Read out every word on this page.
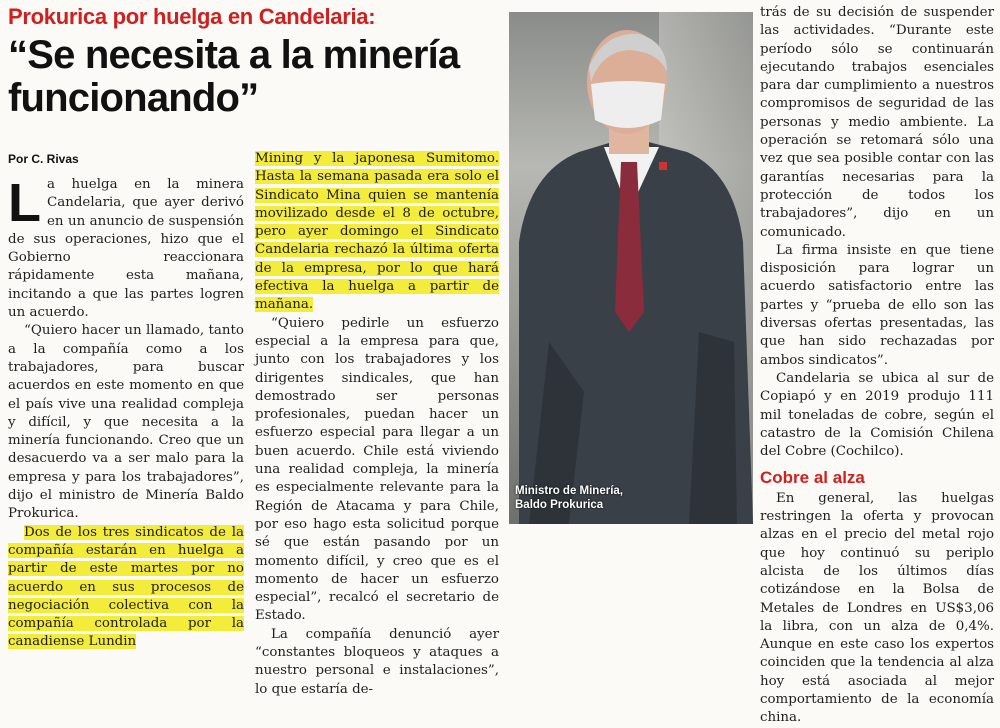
Prokurica por huelga en Candelaria:
“Se necesita a la minería funcionando”
Por C. Rivas

La huelga en la minera Candelaria, que ayer derivó en un anuncio de suspensión de sus operaciones, hizo que el Gobierno reaccionara rápidamente esta mañana, incitando a que las partes logren un acuerdo.

“Quiero hacer un llamado, tanto a la compañía como a los trabajadores, para buscar acuerdos en este momento en que el país vive una realidad compleja y difícil, y que necesita a la minería funcionando. Creo que un desacuerdo va a ser malo para la empresa y para los trabajadores”, dijo el ministro de Minería Baldo Prokurica.

Dos de los tres sindicatos de la compañía estarán en huelga a partir de este martes por no acuerdo en sus procesos de negociación colectiva con la compañía controlada por la canadiense Lundin

Mining y la japonesa Sumitomo. Hasta la semana pasada era solo el Sindicato Mina quien se mantenía movilizado desde el 8 de octubre, pero ayer domingo el Sindicato Candelaria rechazó la última oferta de la empresa, por lo que hará efectiva la huelga a partir de mañana.

“Quiero pedirle un esfuerzo especial a la empresa para que, junto con los trabajadores y los dirigentes sindicales, que han demostrado ser personas profesionales, puedan hacer un esfuerzo especial para llegar a un buen acuerdo. Chile está viviendo una realidad compleja, la minería es especialmente relevante para la Región de Atacama y para Chile, por eso hago esta solicitud porque sé que están pasando por un momento difícil, y creo que es el momento de hacer un esfuerzo especial”, recalcó el secretario de Estado.

La compañía denunció ayer “constantes bloqueos y ataques a nuestro personal e instalaciones”, lo que estaría de-

Ministro de Minería,
Baldo Prokurica

trás de su decisión de suspender las actividades. “Durante este período sólo se continuarán ejecutando trabajos esenciales para dar cumplimiento a nuestros compromisos de seguridad de las personas y medio ambiente. La operación se retomará sólo una vez que sea posible contar con las garantías necesarias para la protección de todos los trabajadores”, dijo en un comunicado.

La firma insiste en que tiene disposición para lograr un acuerdo satisfactorio entre las partes y “prueba de ello son las diversas ofertas presentadas, las que han sido rechazadas por ambos sindicatos”.

Candelaria se ubica al sur de Copiapó y en 2019 produjo 111 mil toneladas de cobre, según el catastro de la Comisión Chilena del Cobre (Cochilco).

Cobre al alza

En general, las huelgas restringen la oferta y provocan alzas en el precio del metal rojo que hoy continuó su periplo alcista de los últimos días cotizándose en la Bolsa de Metales de Londres en US$3,06 la libra, con un alza de 0,4%. Aunque en este caso los expertos coinciden que la tendencia al alza hoy está asociada al mejor comportamiento de la economía china.
